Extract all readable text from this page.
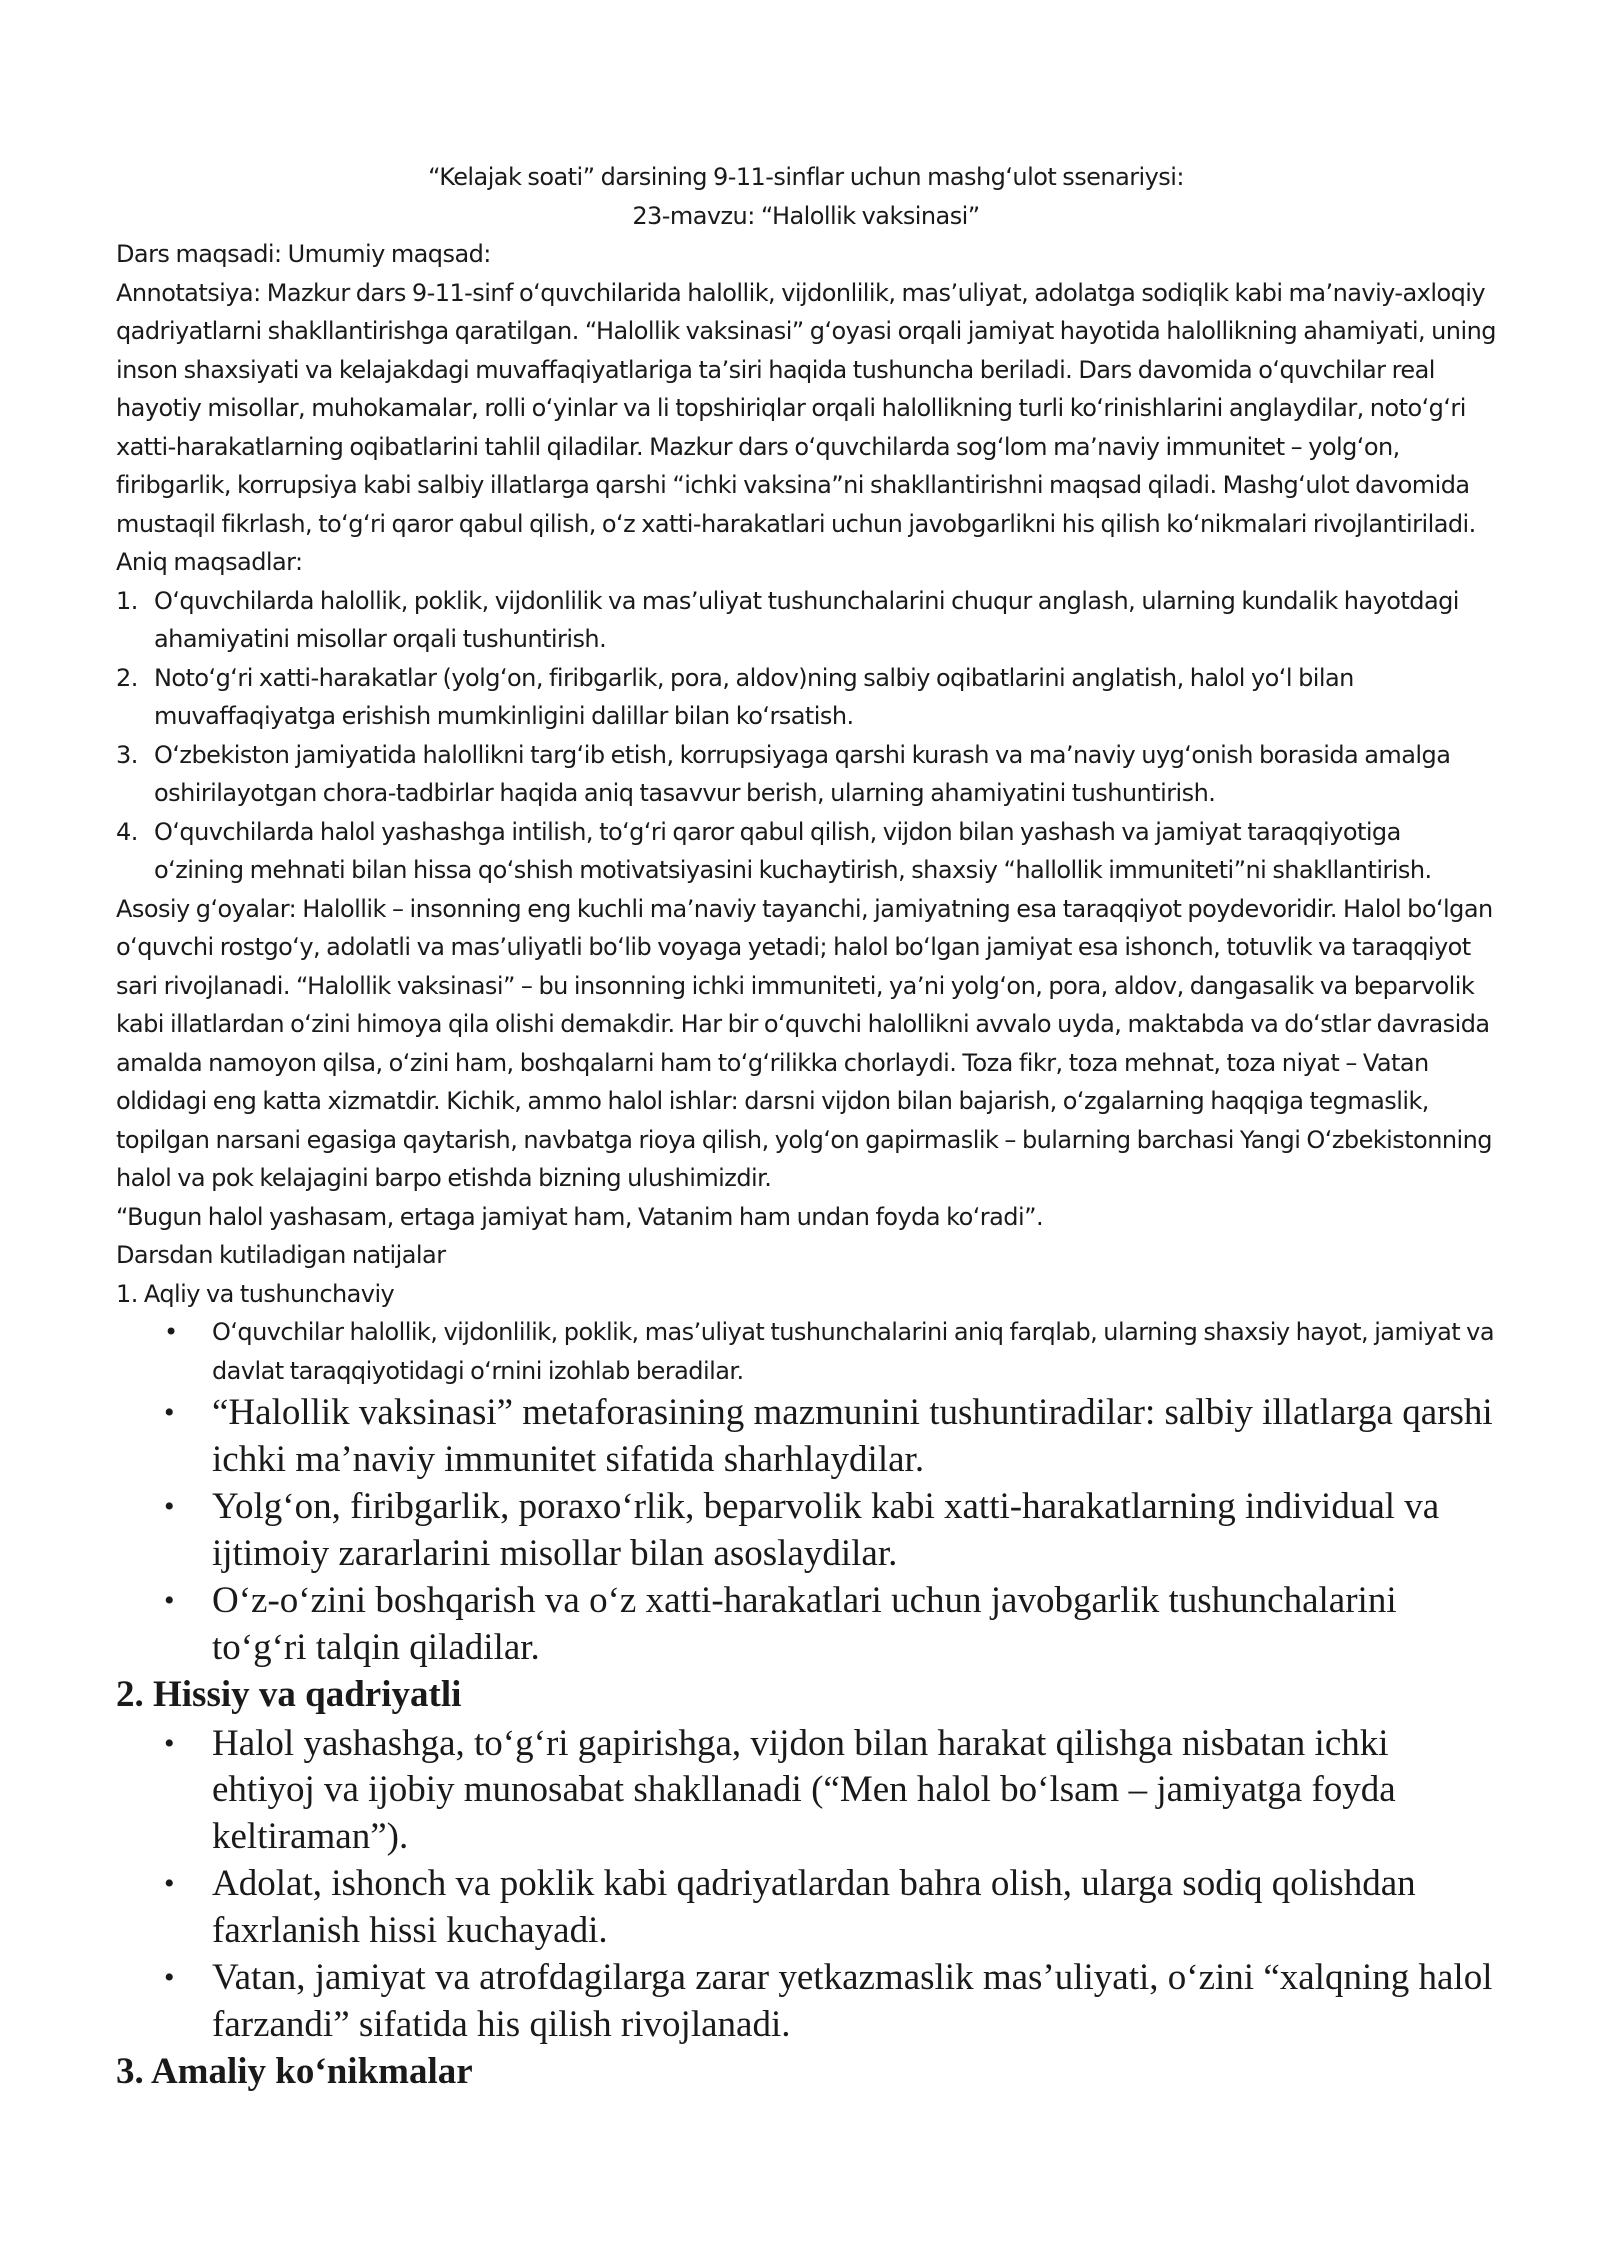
“Kelajak soati” darsining 9-11-sinflar uchun mashgʻulot ssenariysi:

23-mavzu: “Halollik vaksinasi”

Dars maqsadi: Umumiy maqsad:

Annotatsiya: Mazkur dars 9-11-sinf oʻquvchilarida halollik, vijdonlilik, mas’uliyat, adolatga sodiqlik kabi ma’naviy-axloqiy qadriyatlarni shakllantirishga qaratilgan. “Halollik vaksinasi” gʻoyasi orqali jamiyat hayotida halollikning ahamiyati, uning inson shaxsiyati va kelajakdagi muvaffaqiyatlariga ta’siri haqida tushuncha beriladi. Dars davomida oʻquvchilar real hayotiy misollar, muhokamalar, rolli oʻyinlar va li topshiriqlar orqali halollikning turli koʻrinishlarini anglaydilar, notoʻgʻri xatti-harakatlarning oqibatlarini tahlil qiladilar. Mazkur dars oʻquvchilarda sogʻlom ma’naviy immunitet – yolgʻon, firibgarlik, korrupsiya kabi salbiy illatlarga qarshi “ichki vaksina”ni shakllantirishni maqsad qiladi. Mashgʻulot davomida mustaqil fikrlash, toʻgʻri qaror qabul qilish, oʻz xatti-harakatlari uchun javobgarlikni his qilish koʻnikmalari rivojlantiriladi.

Aniq maqsadlar:

1. Oʻquvchilarda halollik, poklik, vijdonlilik va mas’uliyat tushunchalarini chuqur anglash, ularning kundalik hayotdagi ahamiyatini misollar orqali tushuntirish.
2. Notoʻgʻri xatti-harakatlar (yolgʻon, firibgarlik, pora, aldov)ning salbiy oqibatlarini anglatish, halol yoʻl bilan muvaffaqiyatga erishish mumkinligini dalillar bilan koʻrsatish.
3. Oʻzbekiston jamiyatida halollikni targʻib etish, korrupsiyaga qarshi kurash va ma’naviy uygʻonish borasida amalga oshirilayotgan chora-tadbirlar haqida aniq tasavvur berish, ularning ahamiyatini tushuntirish.
4. Oʻquvchilarda halol yashashga intilish, toʻgʻri qaror qabul qilish, vijdon bilan yashash va jamiyat taraqqiyotiga oʻzining mehnati bilan hissa qoʻshish motivatsiyasini kuchaytirish, shaxsiy “hallollik immuniteti”ni shakllantirish.

Asosiy gʻoyalar: Halollik – insonning eng kuchli ma’naviy tayanchi, jamiyatning esa taraqqiyot poydevoridir. Halol boʻlgan oʻquvchi rostgoʻy, adolatli va mas’uliyatli boʻlib voyaga yetadi; halol boʻlgan jamiyat esa ishonch, totuvlik va taraqqiyot sari rivojlanadi. “Halollik vaksinasi” – bu insonning ichki immuniteti, ya’ni yolgʻon, pora, aldov, dangasalik va beparvolik kabi illatlardan oʻzini himoya qila olishi demakdir. Har bir oʻquvchi halollikni avvalo uyda, maktabda va doʻstlar davrasida amalda namoyon qilsa, oʻzini ham, boshqalarni ham toʻgʻrilikka chorlaydi. Toza fikr, toza mehnat, toza niyat – Vatan oldidagi eng katta xizmatdir. Kichik, ammo halol ishlar: darsni vijdon bilan bajarish, oʻzgalarning haqqiga tegmaslik, topilgan narsani egasiga qaytarish, navbatga rioya qilish, yolgʻon gapirmaslik – bularning barchasi Yangi Oʻzbekistonning halol va pok kelajagini barpo etishda bizning ulushimizdir.

“Bugun halol yashasam, ertaga jamiyat ham, Vatanim ham undan foyda koʻradi”.

Darsdan kutiladigan natijalar

1. Aqliy va tushunchaviy

• Oʻquvchilar halollik, vijdonlilik, poklik, mas’uliyat tushunchalarini aniq farqlab, ularning shaxsiy hayot, jamiyat va davlat taraqqiyotidagi oʻrnini izohlab beradilar.
• “Halollik vaksinasi” metaforasining mazmunini tushuntiradilar: salbiy illatlarga qarshi ichki ma’naviy immunitet sifatida sharhlaydilar.
• Yolgʻon, firibgarlik, poraxoʻrlik, beparvolik kabi xatti-harakatlarning individual va ijtimoiy zararlarini misollar bilan asoslaydilar.
• Oʻz-oʻzini boshqarish va oʻz xatti-harakatlari uchun javobgarlik tushunchalarini toʻgʻri talqin qiladilar.

2. Hissiy va qadriyatli

• Halol yashashga, toʻgʻri gapirishga, vijdon bilan harakat qilishga nisbatan ichki ehtiyoj va ijobiy munosabat shakllanadi (“Men halol boʻlsam – jamiyatga foyda keltiraman”).
• Adolat, ishonch va poklik kabi qadriyatlardan bahra olish, ularga sodiq qolishdan faxrlanish hissi kuchayadi.
• Vatan, jamiyat va atrofdagilarga zarar yetkazmaslik mas’uliyati, oʻzini “xalqning halol farzandi” sifatida his qilish rivojlanadi.

3. Amaliy koʻnikmalar
